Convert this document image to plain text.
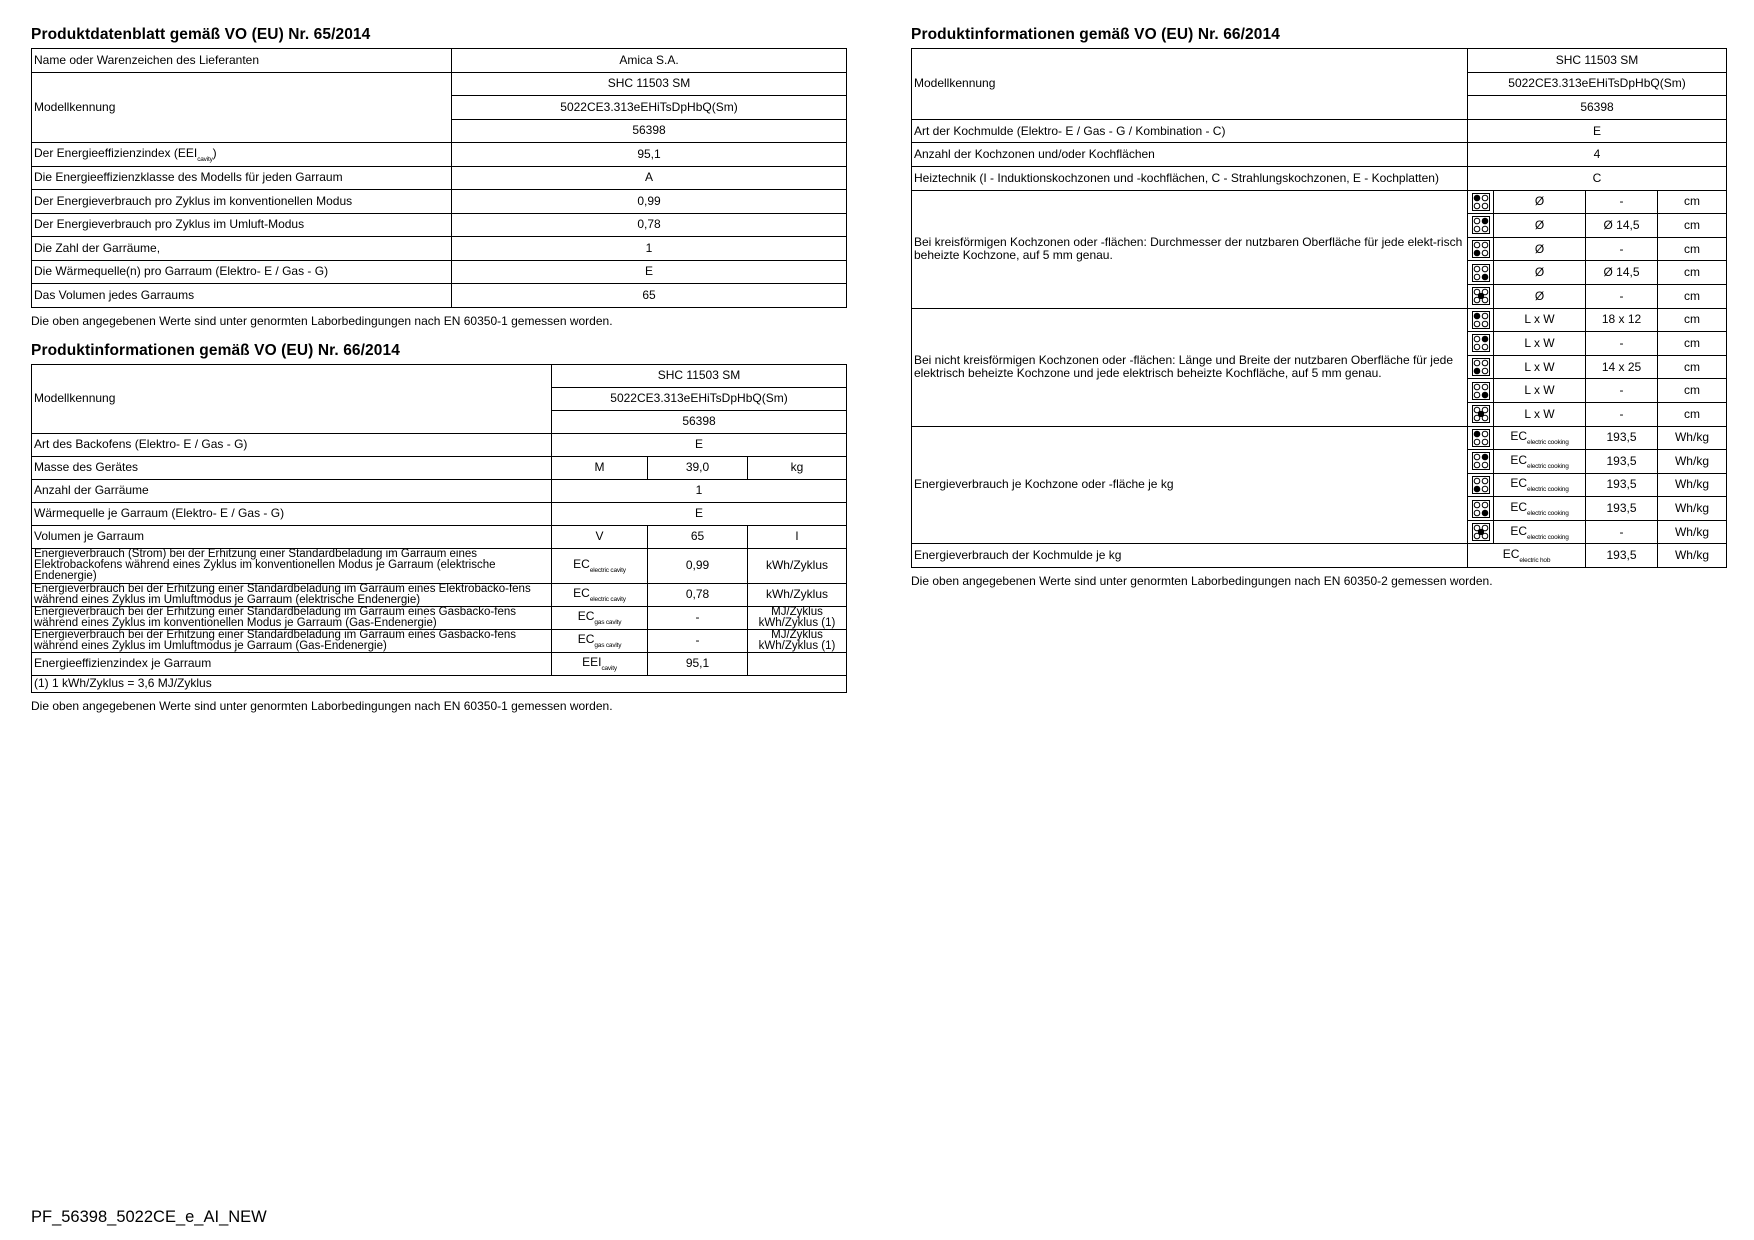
Produktdatenblatt gemäß VO (EU) Nr. 65/2014
Name oder Warenzeichen des Lieferanten	Amica S.A.
Modellkennung	SHC 11503 SM
	5022CE3.313eEHiTsDpHbQ(Sm)
	56398
Der Energieeffizienzindex $(EEI_{cavity})$	95,1
Die Energieeffizienzklasse des Modells für jeden Garraum	A
Der Energieverbrauch pro Zyklus im konventionellen Modus	0,99
Der Energieverbrauch pro Zyklus im Umluft-Modus	0,78
Die Zahl der Garräume,	1
Die Wärmequelle(n) pro Garraum (Elektro- E / Gas - G)	E
Das Volumen jedes Garraums	65

Die oben angegebenen Werte sind unter genormten Laborbedingungen nach EN 60350-1 gemessen worden.

Produktinformationen gemäß VO (EU) Nr. 66/2014
Modellkennung	SHC 11503 SM		
	5022CE3.313eEHiTsDpHbQ(Sm)		
	56398		
Art des Backofens (Elektro- E / Gas - G)	E		
Masse des Gerätes	M	39,0	kg
Anzahl der Garräume	1		
Wärmequelle je Garraum (Elektro- E / Gas - G)	E		
Volumen je Garraum	V	65	l
Energieverbrauch (Strom) bei der Erhitzung einer Standardbeladung im Garraum eines Elektrobackofens während eines Zyklus im konventionellen Modus je Garraum (elektrische Endenergie)	$EC_{electric cavity}$	0,99	kWh/Zyklus
Energieverbrauch bei der Erhitzung einer Standardbeladung im Garraum eines Elektrobacko-fens während eines Zyklus im Umluftmodus je Garraum (elektrische Endenergie)	$EC_{electric cavity}$	0,78	kWh/Zyklus
Energieverbrauch bei der Erhitzung einer Standardbeladung im Garraum eines Gasbacko-fens während eines Zyklus im konventionellen Modus je Garraum (Gas-Endenergie)	$EC_{gas cavity}$	-	MJ/Zyklus
kWh/Zyklus (1)

Energieverbrauch bei der Erhitzung einer Standardbeladung im Garraum eines Gasbacko-fens während eines Zyklus im Umluftmodus je Garraum (Gas-Endenergie)	$EC_{gas cavity}$	-	MJ/Zyklus
kWh/Zyklus (1)

Energieeffizienzindex je Garraum	$EEI_{cavity}$	95,1	
(1) 1 kWh/Zyklus = 3,6 MJ/Zyklus			

Die oben angegebenen Werte sind unter genormten Laborbedingungen nach EN 60350-1 gemessen worden.

Produktinformationen gemäß VO (EU) Nr. 66/2014
Modellkennung	SHC 11503 SM
	5022CE3.313eEHiTsDpHbQ(Sm)
	56398
Art der Kochmulde (Elektro- E / Gas - G / Kombination - C)	E
Anzahl der Kochzonen und/oder Kochflächen	4
Heiztechnik (I - Induktionskochzonen und -kochflächen, C - Strahlungskochzonen, E - Kochplatten)	C
Bei kreisförmigen Kochzonen oder -flächen: Durchmesser der nutzbaren Oberfläche für jede elekt-risch beheizte Kochzone, auf 5 mm genau.		Ø	-	cm

	Ø	Ø 14,5	cm

	Ø	-	cm

	Ø	Ø 14,5	cm

	Ø	-	cm
Bei nicht kreisförmigen Kochzonen oder -flächen: Länge und Breite der nutzbaren Oberfläche für jede elektrisch beheizte Kochzone und jede elektrisch beheizte Kochfläche, auf 5 mm genau.		L x W	18 x 12	cm

	L x W	-	cm

	L x W	14 x 25	cm

	L x W	-	cm

	L x W	-	cm
Energieverbrauch je Kochzone oder -fläche je kg		$EC_{electric cooking}$	193,5	Wh/kg

	$EC_{electric cooking}$	193,5	Wh/kg

	$EC_{electric cooking}$	193,5	Wh/kg

	$EC_{electric cooking}$	193,5	Wh/kg

	$EC_{electric cooking}$	-	Wh/kg
Energieverbrauch der Kochmulde je kg	$EC_{electric hob}$		193,5	Wh/kg

Die oben angegebenen Werte sind unter genormten Laborbedingungen nach EN 60350-2 gemessen worden.

PF_56398_5022CE_e_AI_NEW
